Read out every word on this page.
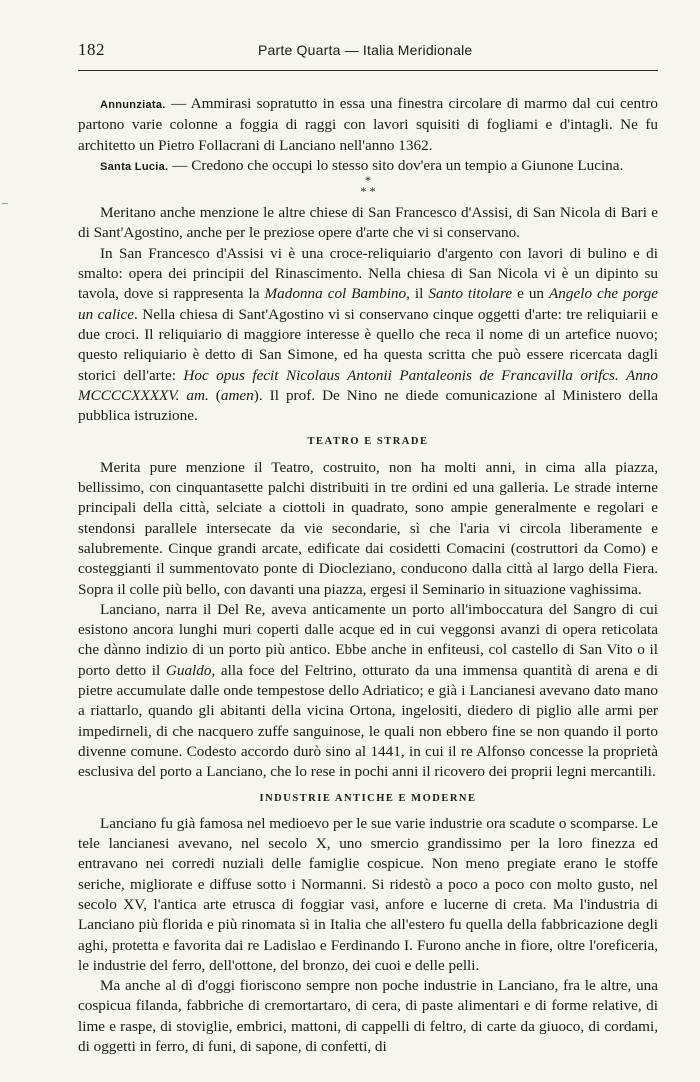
182	Parte Quarta — Italia Meridionale

Annunziata. — Ammirasi sopratutto in essa una finestra circolare di marmo dal cui centro partono varie colonne a foggia di raggi con lavori squisiti di fogliami e d'intagli. Ne fu architetto un Pietro Follacrani di Lanciano nell'anno 1362.

Santa Lucia. — Credono che occupi lo stesso sito dov'era un tempio a Giunone Lucina.

*
* *

Meritano anche menzione le altre chiese di San Francesco d'Assisi, di San Nicola di Bari e di Sant'Agostino, anche per le preziose opere d'arte che vi si conservano.

In San Francesco d'Assisi vi è una croce-reliquiario d'argento con lavori di bulino e di smalto: opera dei principii del Rinascimento. Nella chiesa di San Nicola vi è un dipinto su tavola, dove si rappresenta la Madonna col Bambino, il Santo titolare e un Angelo che porge un calice. Nella chiesa di Sant'Agostino vi si conservano cinque oggetti d'arte: tre reliquiarii e due croci. Il reliquiario di maggiore interesse è quello che reca il nome di un artefice nuovo; questo reliquiario è detto di San Simone, ed ha questa scritta che può essere ricercata dagli storici dell'arte: Hoc opus fecit Nicolaus Antonii Pantaleonis de Francavilla orifcs. Anno MCCCCXXXXV. am. (amen). Il prof. De Nino ne diede comunicazione al Ministero della pubblica istruzione.

TEATRO E STRADE

Merita pure menzione il Teatro, costruito, non ha molti anni, in cima alla piazza, bellissimo, con cinquantasette palchi distribuiti in tre ordini ed una galleria. Le strade interne principali della città, selciate a ciottoli in quadrato, sono ampie generalmente e regolari e stendonsi parallele intersecate da vie secondarie, sì che l'aria vi circola liberamente e salubremente. Cinque grandi arcate, edificate dai cosidetti Comacini (costruttori da Como) e costeggianti il summentovato ponte di Diocleziano, conducono dalla città al largo della Fiera. Sopra il colle più bello, con davanti una piazza, ergesi il Seminario in situazione vaghissima.

Lanciano, narra il Del Re, aveva anticamente un porto all'imboccatura del Sangro di cui esistono ancora lunghi muri coperti dalle acque ed in cui veggonsi avanzi di opera reticolata che dànno indizio di un porto più antico. Ebbe anche in enfiteusi, col castello di San Vito o il porto detto il Gualdo, alla foce del Feltrino, otturato da una immensa quantità di arena e di pietre accumulate dalle onde tempestose dello Adriatico; e già i Lancianesi avevano dato mano a riattarlo, quando gli abitanti della vicina Ortona, ingelositi, diedero di piglio alle armi per impedirneli, di che nacquero zuffe sanguinose, le quali non ebbero fine se non quando il porto divenne comune. Codesto accordo durò sino al 1441, in cui il re Alfonso concesse la proprietà esclusiva del porto a Lanciano, che lo rese in pochi anni il ricovero dei proprii legni mercantili.

INDUSTRIE ANTICHE E MODERNE

Lanciano fu già famosa nel medioevo per le sue varie industrie ora scadute o scomparse. Le tele lancianesi avevano, nel secolo X, uno smercio grandissimo per la loro finezza ed entravano nei corredi nuziali delle famiglie cospicue. Non meno pregiate erano le stoffe seriche, migliorate e diffuse sotto i Normanni. Si ridestò a poco a poco con molto gusto, nel secolo XV, l'antica arte etrusca di foggiar vasi, anfore e lucerne di creta. Ma l'industria di Lanciano più florida e più rinomata sì in Italia che all'estero fu quella della fabbricazione degli aghi, protetta e favorita dai re Ladislao e Ferdinando I. Furono anche in fiore, oltre l'oreficeria, le industrie del ferro, dell'ottone, del bronzo, dei cuoi e delle pelli.

Ma anche al dì d'oggi fioriscono sempre non poche industrie in Lanciano, fra le altre, una cospicua filanda, fabbriche di cremortartaro, di cera, di paste alimentari e di forme relative, di lime e raspe, di stoviglie, embrici, mattoni, di cappelli di feltro, di carte da giuoco, di cordami, di oggetti in ferro, di funi, di sapone, di confetti, di
